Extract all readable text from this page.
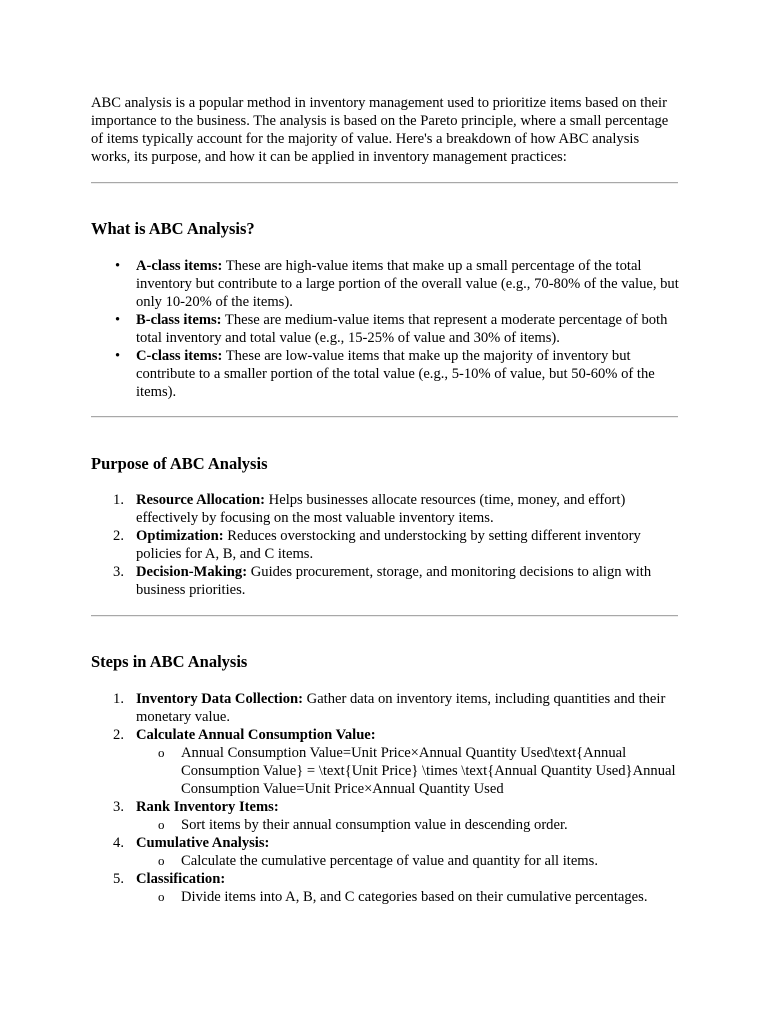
ABC analysis is a popular method in inventory management used to prioritize items based on their importance to the business. The analysis is based on the Pareto principle, where a small percentage of items typically account for the majority of value. Here's a breakdown of how ABC analysis works, its purpose, and how it can be applied in inventory management practices:

What is ABC Analysis?
• A-class items: These are high-value items that make up a small percentage of the total inventory but contribute to a large portion of the overall value (e.g., 70-80% of the value, but only 10-20% of the items).
• B-class items: These are medium-value items that represent a moderate percentage of both total inventory and total value (e.g., 15-25% of value and 30% of items).
• C-class items: These are low-value items that make up the majority of inventory but contribute to a smaller portion of the total value (e.g., 5-10% of value, but 50-60% of the items).
Purpose of ABC Analysis
1. Resource Allocation: Helps businesses allocate resources (time, money, and effort) effectively by focusing on the most valuable inventory items.
2. Optimization: Reduces overstocking and understocking by setting different inventory policies for A, B, and C items.
3. Decision-Making: Guides procurement, storage, and monitoring decisions to align with business priorities.
Steps in ABC Analysis
1. Inventory Data Collection: Gather data on inventory items, including quantities and their monetary value.
2. Calculate Annual Consumption Value:
o Annual Consumption Value=Unit Price×Annual Quantity Used\text{Annual Consumption Value} = \text{Unit Price} \times \text{Annual Quantity Used}Annual Consumption Value=Unit Price×Annual Quantity Used
3. Rank Inventory Items:
o Sort items by their annual consumption value in descending order.
4. Cumulative Analysis:
o Calculate the cumulative percentage of value and quantity for all items.
5. Classification:
o Divide items into A, B, and C categories based on their cumulative percentages.
